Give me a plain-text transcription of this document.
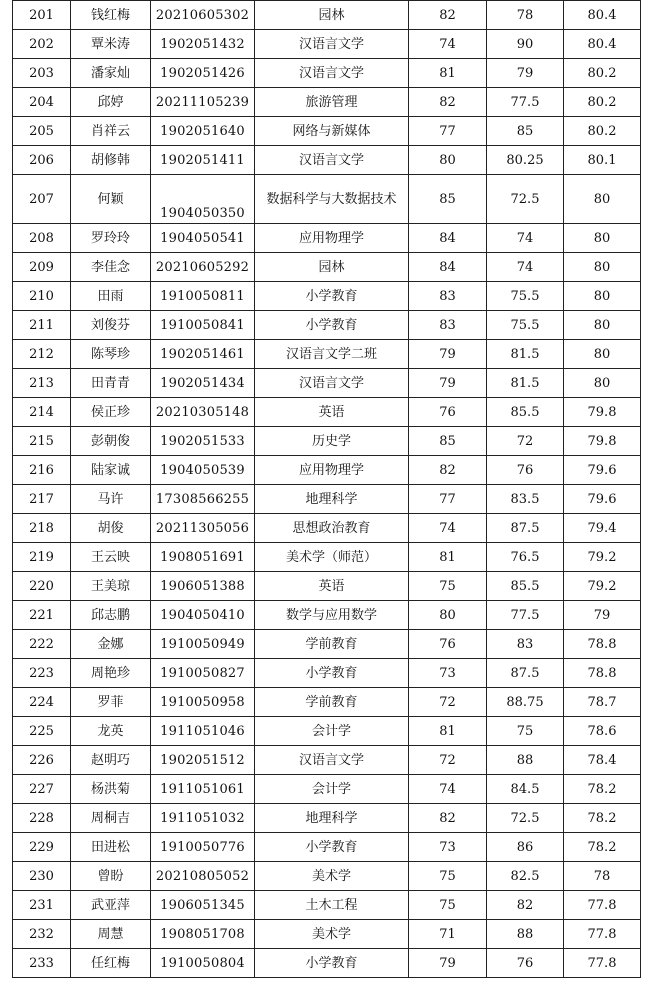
201	钱红梅	20210605302	园林	82	78	80.4
202	覃米涛	1902051432	汉语言文学	74	90	80.4
203	潘家灿	1902051426	汉语言文学	81	79	80.2
204	邱婷	20211105239	旅游管理	82	77.5	80.2
205	肖祥云	1902051640	网络与新媒体	77	85	80.2
206	胡修韩	1902051411	汉语言文学	80	80.25	80.1
207	何颖	1904050350	数据科学与大数据技术	85	72.5	80
208	罗玲玲	1904050541	应用物理学	84	74	80
209	李佳念	20210605292	园林	84	74	80
210	田雨	1910050811	小学教育	83	75.5	80
211	刘俊芬	1910050841	小学教育	83	75.5	80
212	陈琴珍	1902051461	汉语言文学二班	79	81.5	80
213	田青青	1902051434	汉语言文学	79	81.5	80
214	侯正珍	20210305148	英语	76	85.5	79.8
215	彭朝俊	1902051533	历史学	85	72	79.8
216	陆家诚	1904050539	应用物理学	82	76	79.6
217	马许	17308566255	地理科学	77	83.5	79.6
218	胡俊	20211305056	思想政治教育	74	87.5	79.4
219	王云映	1908051691	美术学（师范）	81	76.5	79.2
220	王美琼	1906051388	英语	75	85.5	79.2
221	邱志鹏	1904050410	数学与应用数学	80	77.5	79
222	金娜	1910050949	学前教育	76	83	78.8
223	周艳珍	1910050827	小学教育	73	87.5	78.8
224	罗菲	1910050958	学前教育	72	88.75	78.7
225	龙英	1911051046	会计学	81	75	78.6
226	赵明巧	1902051512	汉语言文学	72	88	78.4
227	杨洪菊	1911051061	会计学	74	84.5	78.2
228	周桐吉	1911051032	地理科学	82	72.5	78.2
229	田进松	1910050776	小学教育	73	86	78.2
230	曾盼	20210805052	美术学	75	82.5	78
231	武亚萍	1906051345	土木工程	75	82	77.8
232	周慧	1908051708	美术学	71	88	77.8
233	任红梅	1910050804	小学教育	79	76	77.8
